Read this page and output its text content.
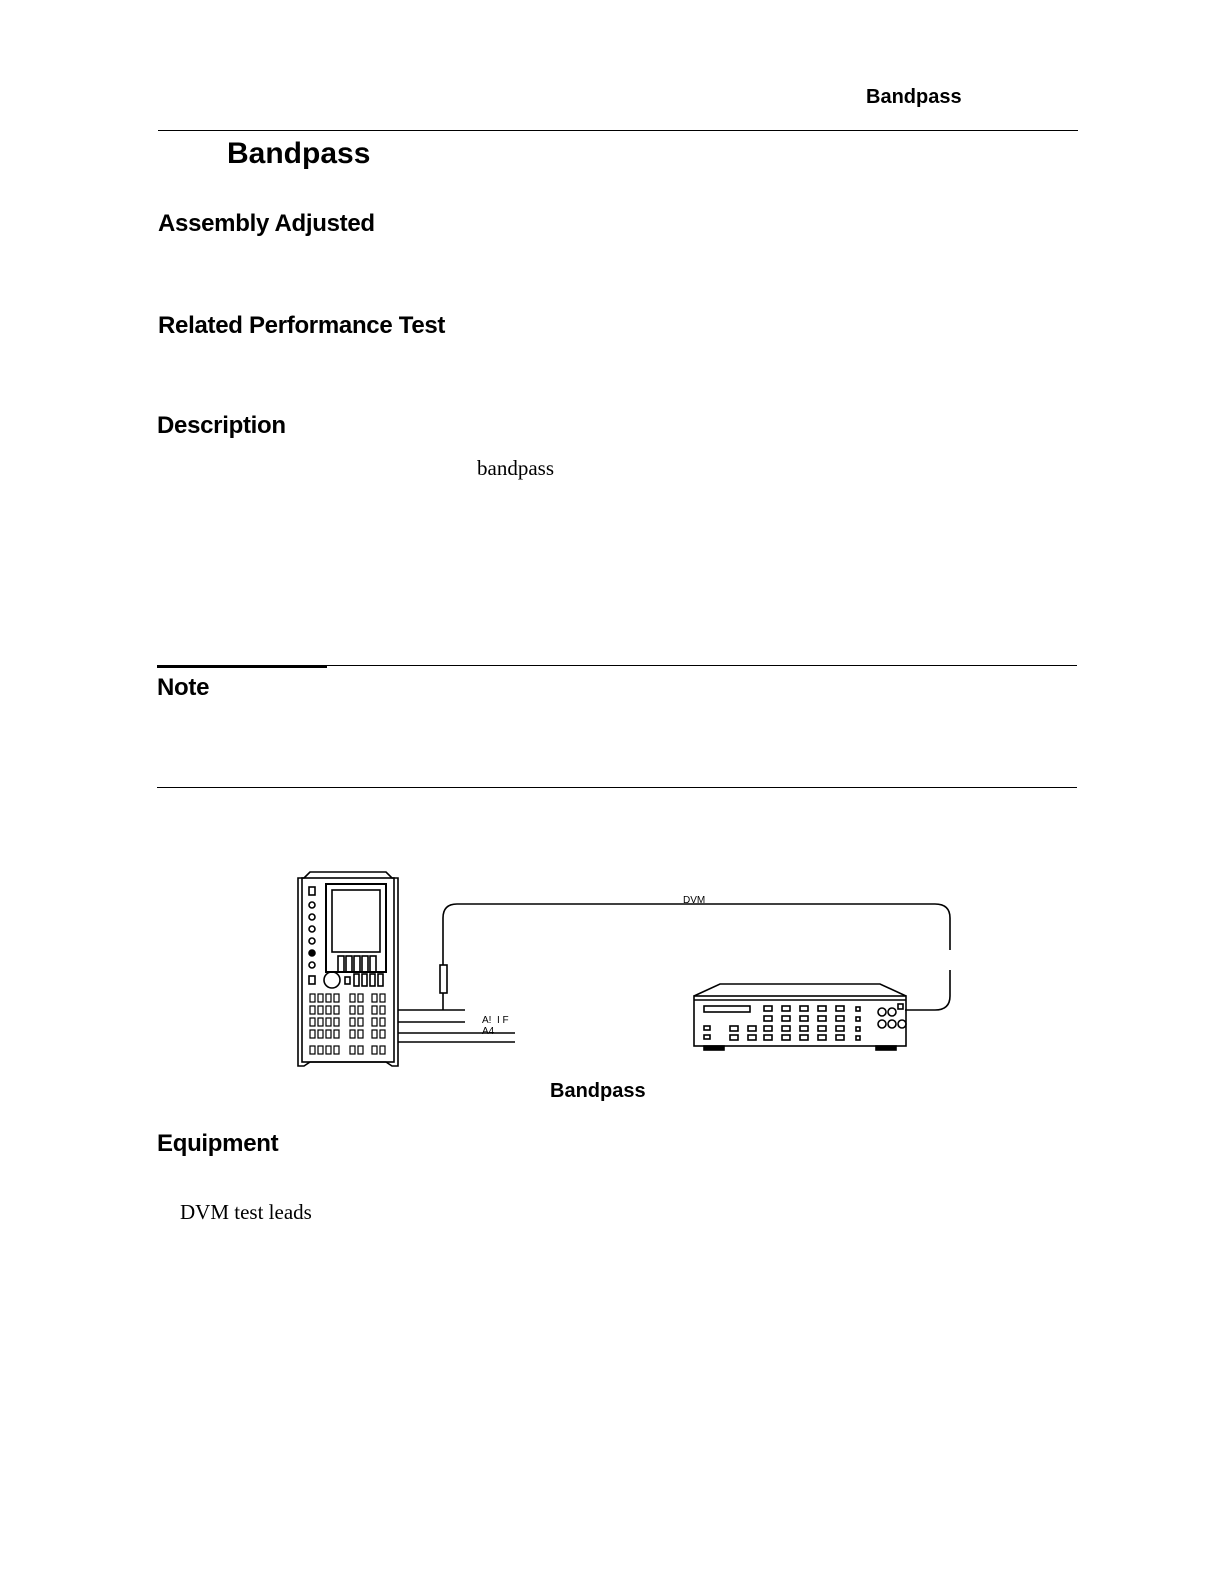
Bandpass
Bandpass
Assembly Adjusted
Related Performance Test
Description
bandpass
Note
DVM
A!  I F
A4
Bandpass
Equipment
DVM test leads
